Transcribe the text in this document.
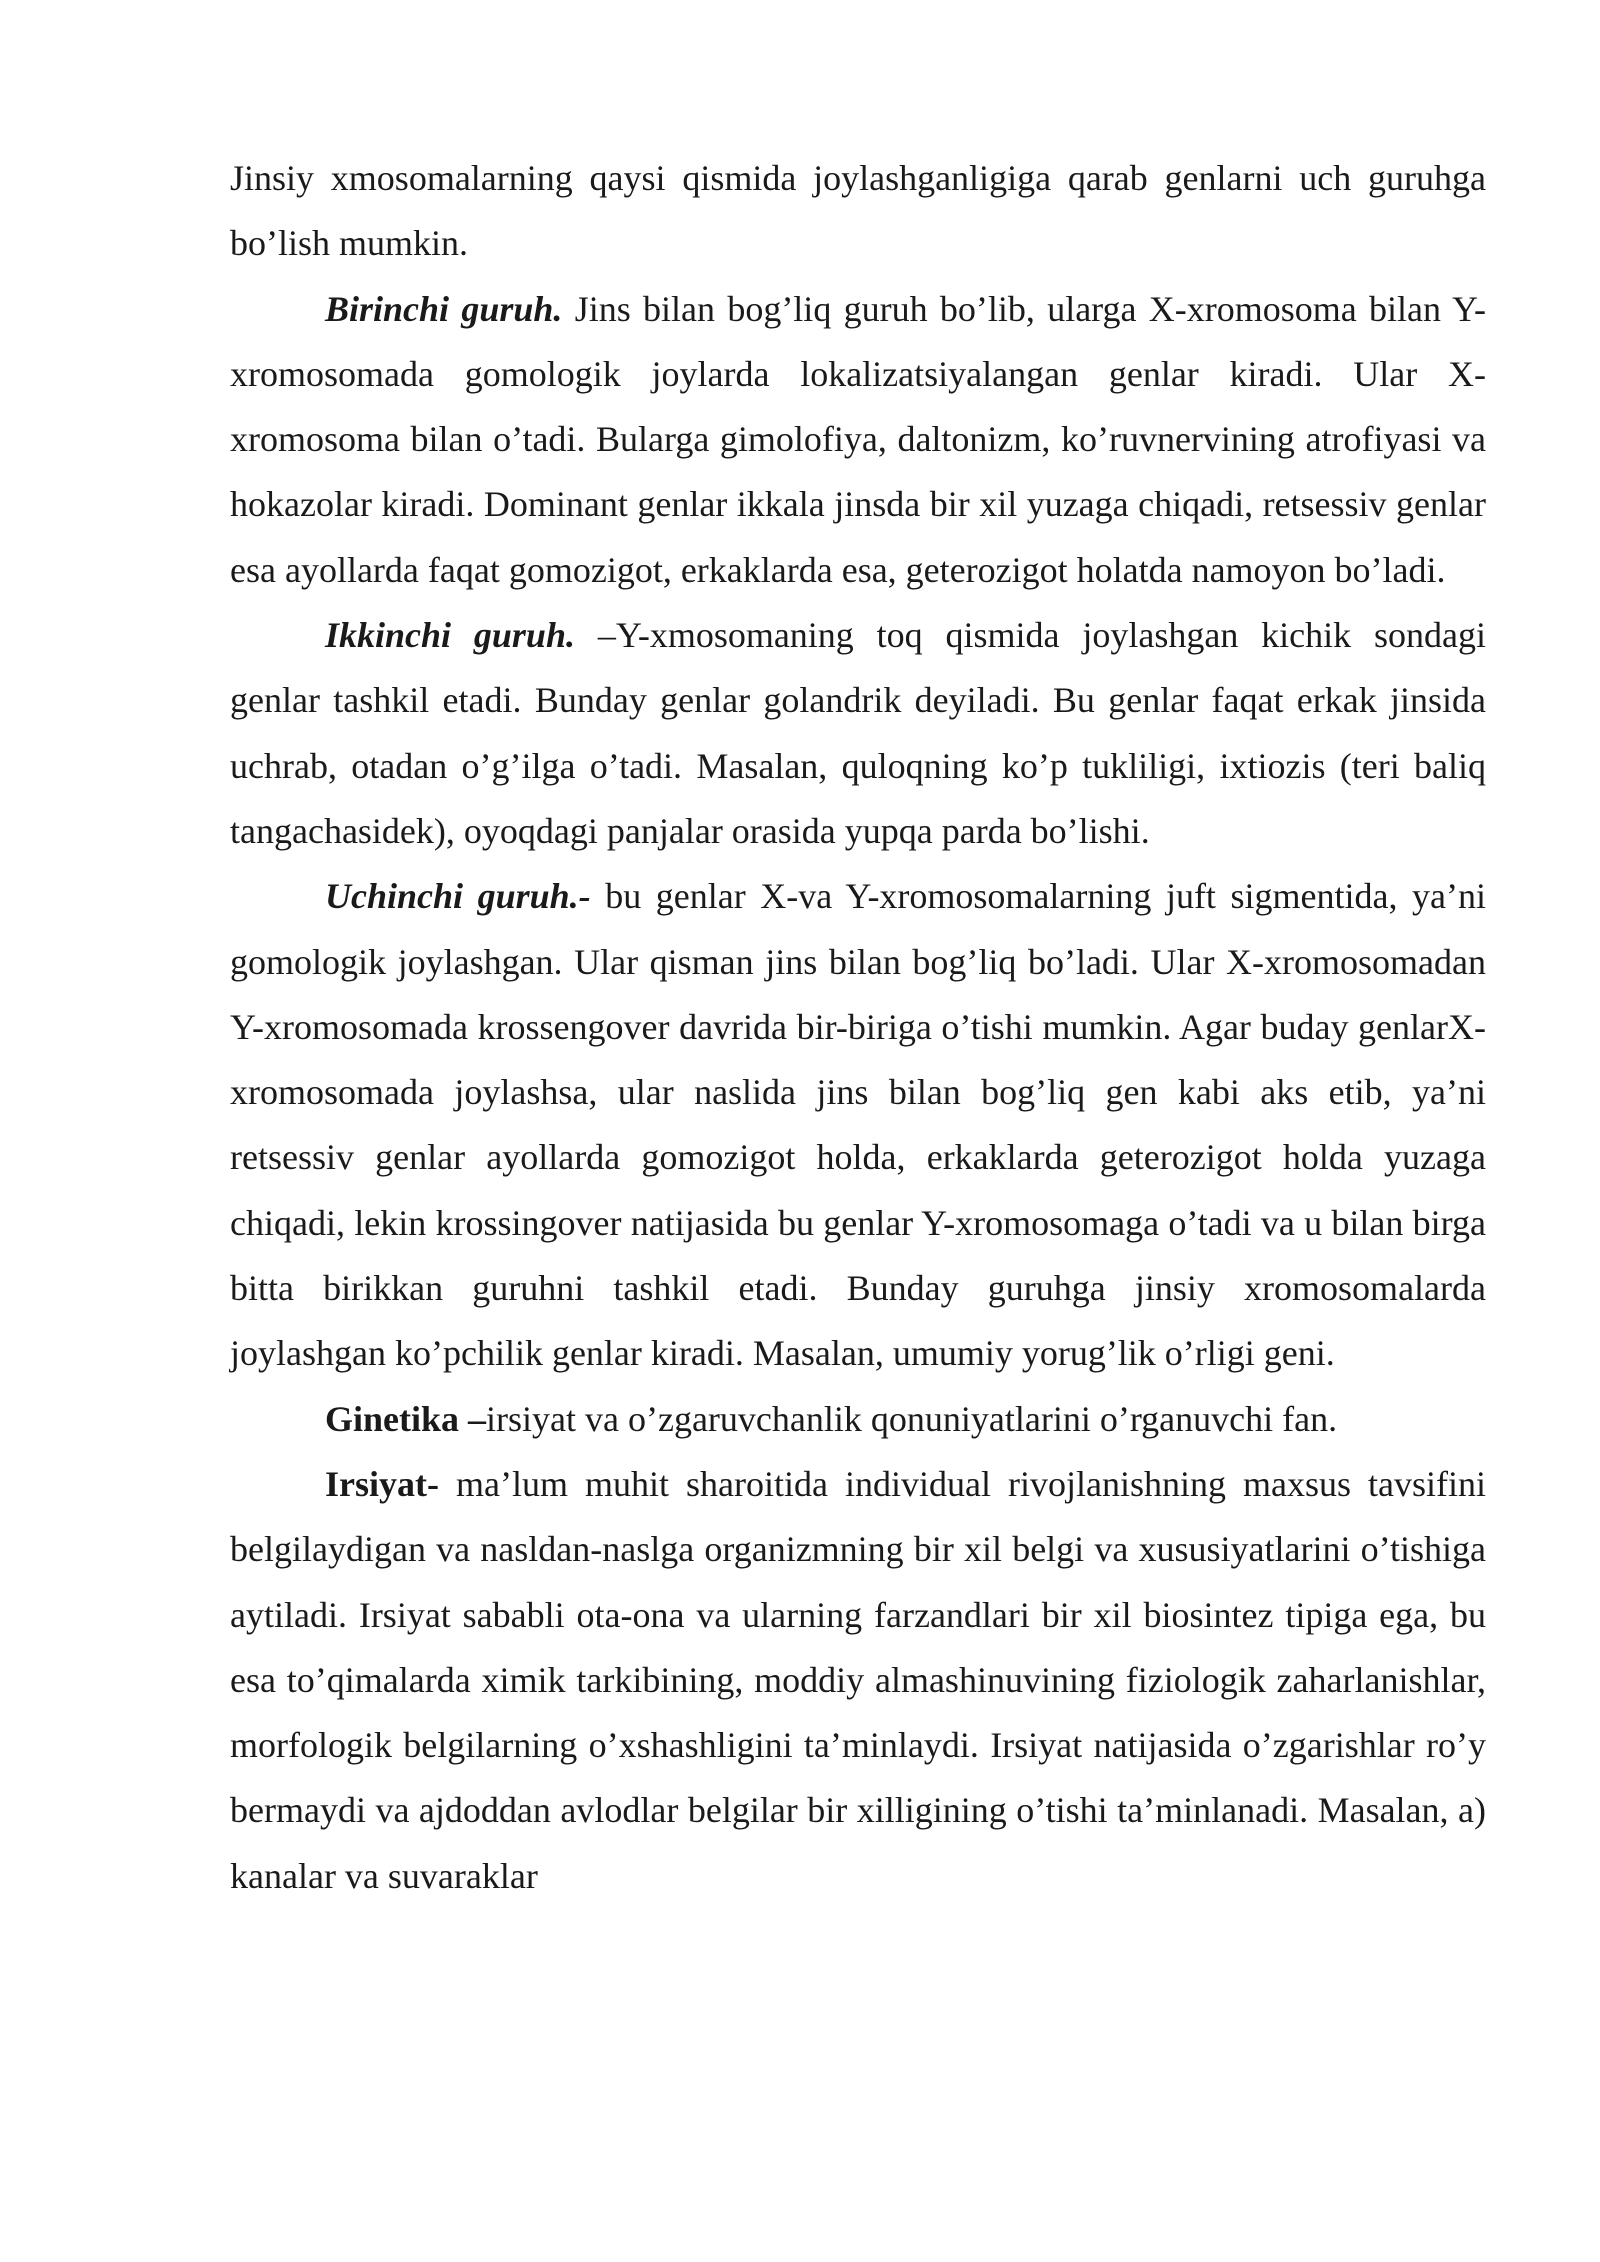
Jinsiy xmosomalarning qaysi qismida joylashganligiga qarab genlarni uch guruhga bo’lish mumkin.

Birinchi guruh. Jins bilan bog’liq guruh bo’lib, ularga X-xromosoma bilan Y-xromosomada gomologik joylarda lokalizatsiyalangan genlar kiradi. Ular X-xromosoma bilan o’tadi. Bularga gimolofiya, daltonizm, ko’ruvnervining atrofiyasi va hokazolar kiradi. Dominant genlar ikkala jinsda bir xil yuzaga chiqadi, retsessiv genlar esa ayollarda faqat gomozigot, erkaklarda esa, geterozigot holatda namoyon bo’ladi.

Ikkinchi guruh. –Y-xmosomaning toq qismida joylashgan kichik sondagi genlar tashkil etadi. Bunday genlar golandrik deyiladi. Bu genlar faqat erkak jinsida uchrab, otadan o’g’ilga o’tadi. Masalan, quloqning ko’p tukliligi, ixtiozis (teri baliq tangachasidek), oyoqdagi panjalar orasida yupqa parda bo’lishi.

Uchinchi guruh.- bu genlar X-va Y-xromosomalarning juft sigmentida, ya’ni gomologik joylashgan. Ular qisman jins bilan bog’liq bo’ladi. Ular X-xromosomadan Y-xromosomada krossengover davrida bir-biriga o’tishi mumkin. Agar buday genlarX-xromosomada joylashsa, ular naslida jins bilan bog’liq gen kabi aks etib, ya’ni retsessiv genlar ayollarda gomozigot holda, erkaklarda geterozigot holda yuzaga chiqadi, lekin krossingover natijasida bu genlar Y-xromosomaga o’tadi va u bilan birga bitta birikkan guruhni tashkil etadi. Bunday guruhga jinsiy xromosomalarda joylashgan ko’pchilik genlar kiradi. Masalan, umumiy yorug’lik o’rligi geni.

Ginetika –irsiyat va o’zgaruvchanlik qonuniyatlarini o’rganuvchi fan.

Irsiyat- ma’lum muhit sharoitida individual rivojlanishning maxsus tavsifini belgilaydigan va nasldan-naslga organizmning bir xil belgi va xususiyatlarini o’tishiga aytiladi. Irsiyat sababli ota-ona va ularning farzandlari bir xil biosintez tipiga ega, bu esa to’qimalarda ximik tarkibining, moddiy almashinuvining fiziologik zaharlanishlar, morfologik belgilarning o’xshashligini ta’minlaydi. Irsiyat natijasida o’zgarishlar ro’y bermaydi va ajdoddan avlodlar belgilar bir xilligining o’tishi ta’minlanadi. Masalan, a) kanalar va suvaraklar
